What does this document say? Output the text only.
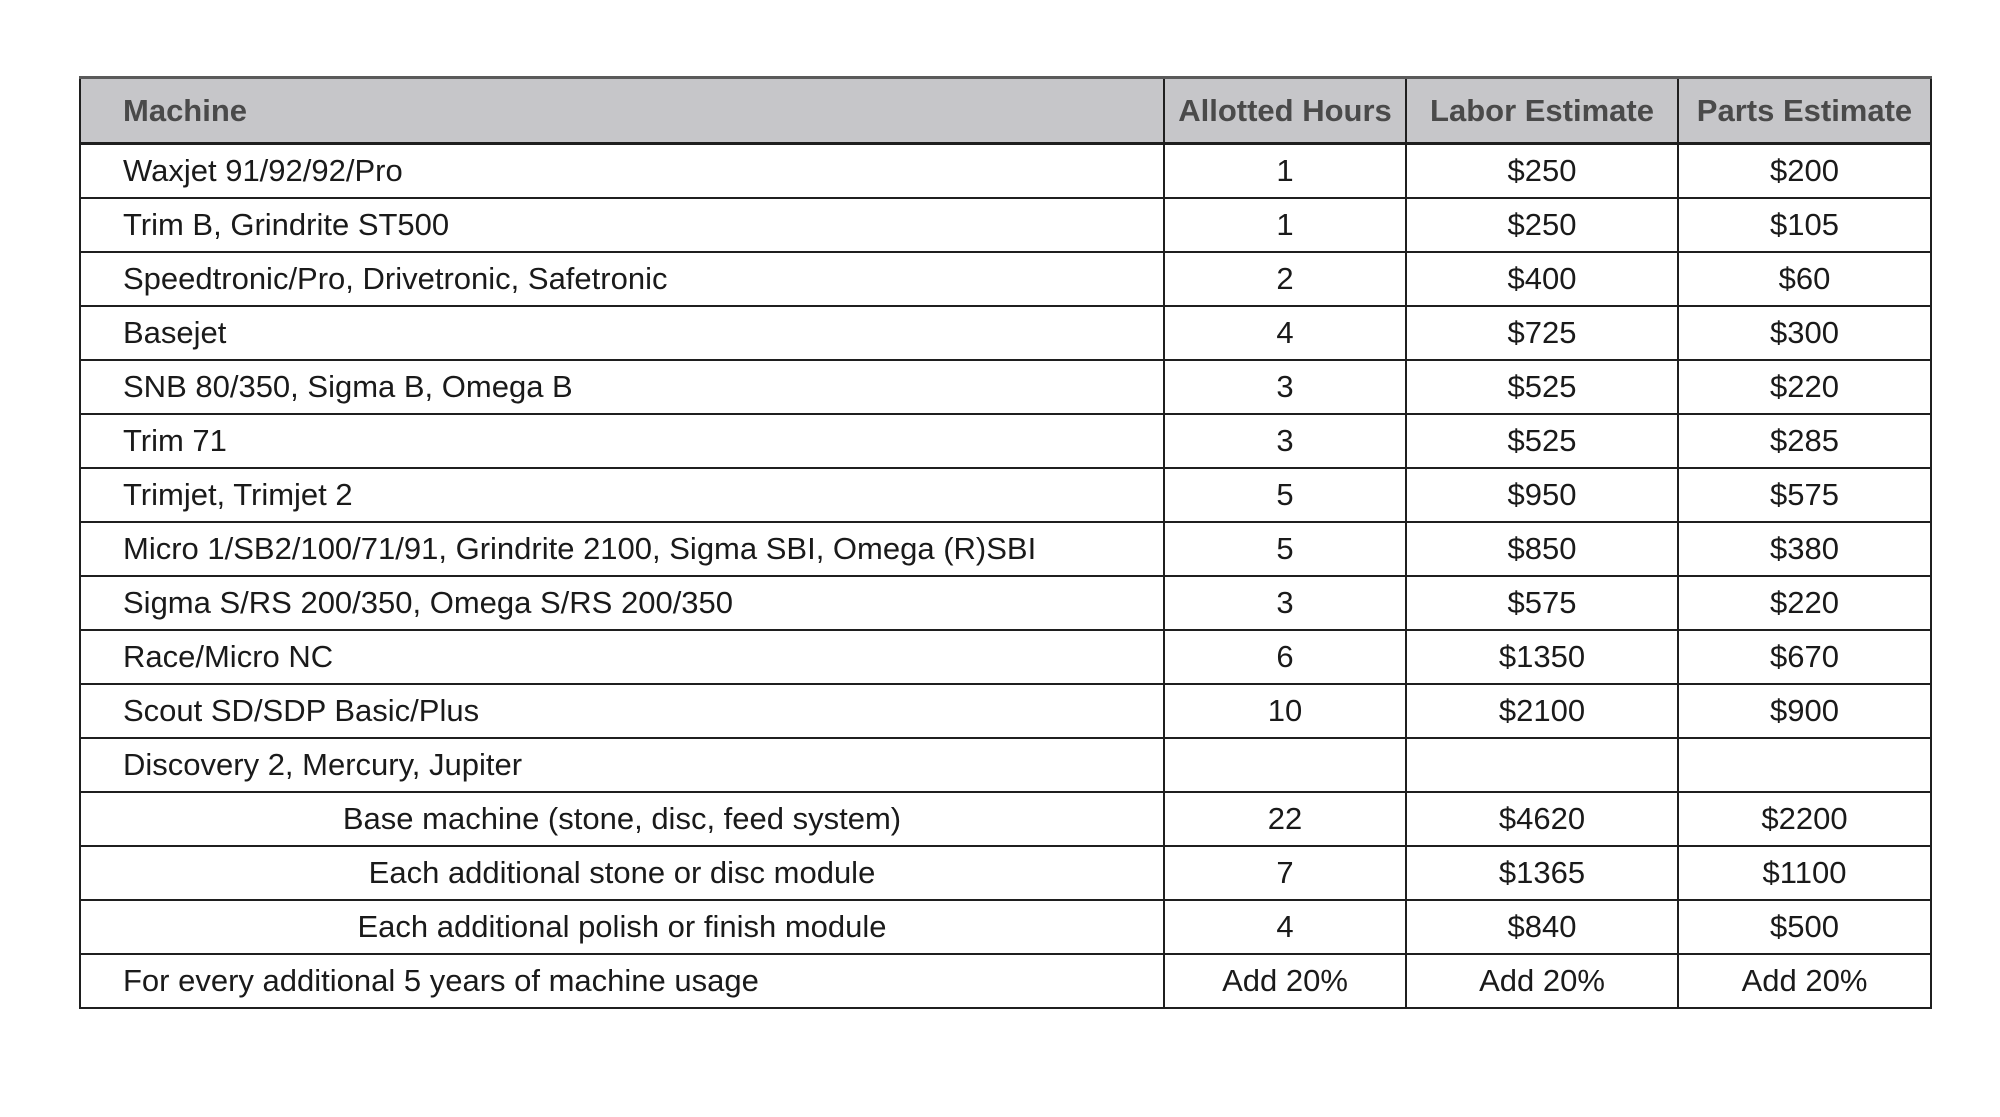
Machine	Allotted Hours	Labor Estimate	Parts Estimate
Waxjet 91/92/92/Pro	1	$250	$200
Trim B, Grindrite ST500	1	$250	$105
Speedtronic/Pro, Drivetronic, Safetronic	2	$400	$60
Basejet	4	$725	$300
SNB 80/350, Sigma B, Omega B	3	$525	$220
Trim 71	3	$525	$285
Trimjet, Trimjet 2	5	$950	$575
Micro 1/SB2/100/71/91, Grindrite 2100, Sigma SBI, Omega (R)SBI	5	$850	$380
Sigma S/RS 200/350, Omega S/RS 200/350	3	$575	$220
Race/Micro NC	6	$1350	$670
Scout SD/SDP Basic/Plus	10	$2100	$900
Discovery 2, Mercury, Jupiter			
Base machine (stone, disc, feed system)	22	$4620	$2200
Each additional stone or disc module	7	$1365	$1100
Each additional polish or finish module	4	$840	$500
For every additional 5 years of machine usage	Add 20%	Add 20%	Add 20%
